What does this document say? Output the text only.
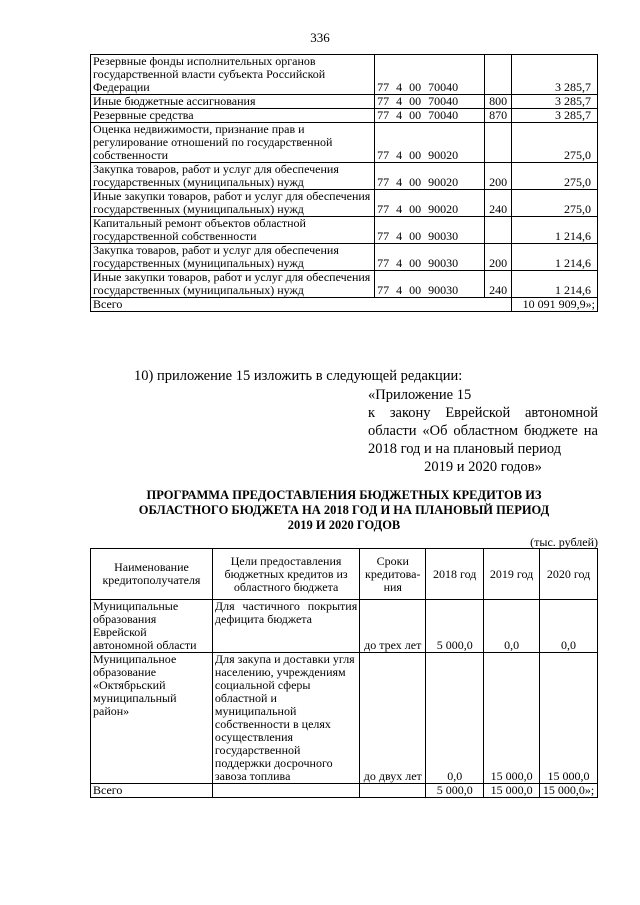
336
Резервные фонды исполнительных органов государственной власти субъекта Российской Федерации	77 4 00 70040		3 285,7
Иные бюджетные ассигнования	77 4 00 70040	800	3 285,7
Резервные средства	77 4 00 70040	870	3 285,7
Оценка недвижимости, признание прав и регулирование отношений по государственной собственности	77 4 00 90020		275,0
Закупка товаров, работ и услуг для обеспечения государственных (муниципальных) нужд	77 4 00 90020	200	275,0
Иные закупки товаров, работ и услуг для обеспечения государственных (муниципальных) нужд	77 4 00 90020	240	275,0
Капитальный ремонт объектов областной государственной собственности	77 4 00 90030		1 214,6
Закупка товаров, работ и услуг для обеспечения государственных (муниципальных) нужд	77 4 00 90030	200	1 214,6
Иные закупки товаров, работ и услуг для обеспечения государственных (муниципальных) нужд	77 4 00 90030	240	1 214,6
Всего			10 091 909,9»;
10) приложение 15 изложить в следующей редакции:
«Приложение 15
к закону Еврейской автономной области «Об областном бюджете на 2018 год и на плановый период
2019 и 2020 годов»
ПРОГРАММА ПРЕДОСТАВЛЕНИЯ БЮДЖЕТНЫХ КРЕДИТОВ ИЗ
ОБЛАСТНОГО БЮДЖЕТА НА 2018 ГОД И НА ПЛАНОВЫЙ ПЕРИОД
2019 И 2020 ГОДОВ
(тыс. рублей)
Наименование кредитополучателя	Цели предоставления бюджетных кредитов из областного бюджета	Сроки кредитова-ния	2018 год	2019 год	2020 год
Муниципальные образования Еврейской автономной области	Для частичного покрытия дефицита бюджета	до трех лет	5 000,0	0,0	0,0
Муниципальное образование «Октябрьский муниципальный район»	Для закупа и доставки угля населению, учреждениям социальной сферы областной и муниципальной собственности в целях осуществления государственной поддержки досрочного завоза топлива	до двух лет	0,0	15 000,0	15 000,0
Всего			5 000,0	15 000,0	15 000,0»;
